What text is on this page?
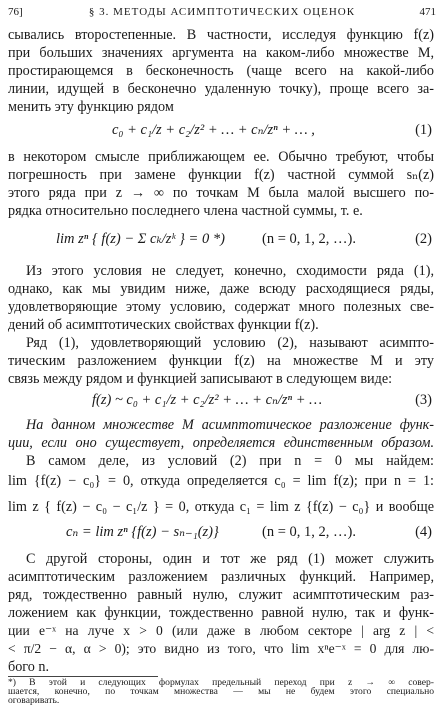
76]	§ 3. МЕТОДЫ АСИМПТОТИЧЕСКИХ ОЦЕНОК	471
сывались второстепенные. В частности, исследуя функцию f(z)
при больших значениях аргумента на каком-либо множестве M,
простирающемся в бесконечность (чаще всего на какой-либо
линии, идущей в бесконечно удаленную точку), проще всего за-
менить эту функцию рядом
c₀ + c₁/z + c₂/z² + … + cₙ/zⁿ + … ,	(1)
в некотором смысле приближающем ее. Обычно требуют, чтобы
погрешность при замене функции f(z) частной суммой sₙ(z)
этого ряда при z → ∞ по точкам M была малой высшего по-
рядка относительно последнего члена частной суммы, т. е.
lim zⁿ { f(z) − Σ cₖ/zᵏ } = 0 *)	(n = 0, 1, 2, …).	(2)
Из этого условия не следует, конечно, сходимости ряда (1),
однако, как мы увидим ниже, даже всюду расходящиеся ряды,
удовлетворяющие этому условию, содержат много полезных све-
дений об асимптотических свойствах функции f(z).
Ряд (1), удовлетворяющий условию (2), называют асимпто-
тическим разложением функции f(z) на множестве M и эту
связь между рядом и функцией записывают в следующем виде:
f(z) ~ c₀ + c₁/z + c₂/z² + … + cₙ/zⁿ + …	(3)
На данном множестве M асимптотическое разложение функ-
ции, если оно существует, определяется единственным образом.
В самом деле, из условий (2) при n = 0 мы найдем:
lim {f(z) − c₀} = 0, откуда определяется c₀ = lim f(z); при n = 1:
lim z { f(z) − c₀ − c₁/z } = 0, откуда c₁ = lim z {f(z) − c₀} и вообще
cₙ = lim zⁿ {f(z) − sₙ₋₁(z)}	(n = 0, 1, 2, …).	(4)
С другой стороны, один и тот же ряд (1) может служить
асимптотическим разложением различных функций. Например,
ряд, тождественно равный нулю, служит асимптотическим раз-
ложением как функции, тождественно равной нулю, так и функ-
ции e⁻ˣ на луче x > 0 (или даже в любом секторе | arg z | <
< π/2 − α, α > 0); это видно из того, что lim xⁿe⁻ˣ = 0 для лю-
бого n.
*) В этой и следующих формулах предельный переход при z → ∞ совер-
шается, конечно, по точкам множества — мы не будем этого специально
оговаривать.
